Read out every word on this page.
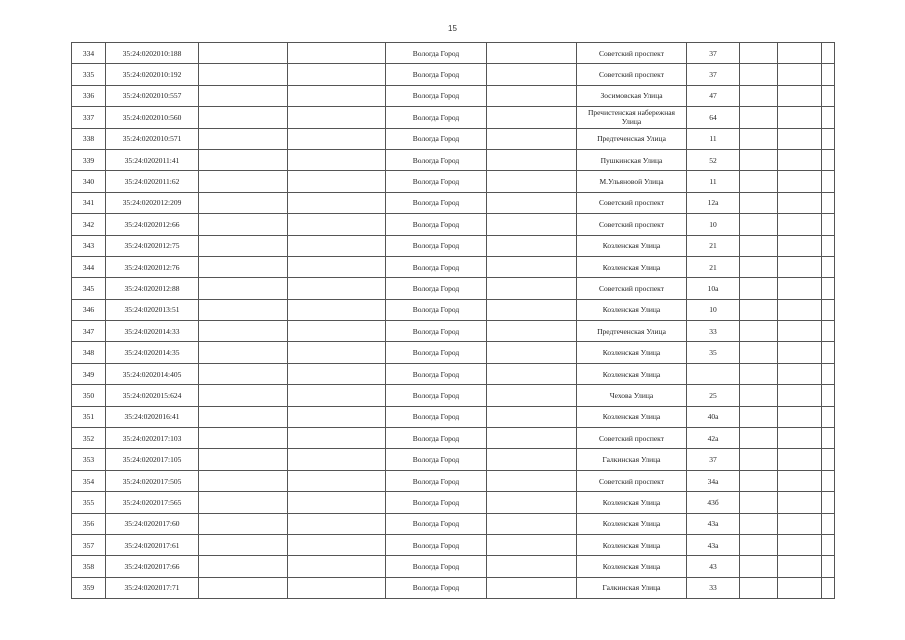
15
334	35:24:0202010:188			Вологда Город		Советский проспект	37			
335	35:24:0202010:192			Вологда Город		Советский проспект	37			
336	35:24:0202010:557			Вологда Город		Зосимовская Улица	47			
337	35:24:0202010:560			Вологда Город		Пречистенская набережная Улица	64			
338	35:24:0202010:571			Вологда Город		Предтеченская Улица	11			
339	35:24:0202011:41			Вологда Город		Пушкинская Улица	52			
340	35:24:0202011:62			Вологда Город		М.Ульяновой Улица	11			
341	35:24:0202012:209			Вологда Город		Советский проспект	12а			
342	35:24:0202012:66			Вологда Город		Советский проспект	10			
343	35:24:0202012:75			Вологда Город		Козленская Улица	21			
344	35:24:0202012:76			Вологда Город		Козленская Улица	21			
345	35:24:0202012:88			Вологда Город		Советский проспект	10а			
346	35:24:0202013:51			Вологда Город		Козленская Улица	10			
347	35:24:0202014:33			Вологда Город		Предтеченская Улица	33			
348	35:24:0202014:35			Вологда Город		Козленская Улица	35			
349	35:24:0202014:405			Вологда Город		Козленская Улица				
350	35:24:0202015:624			Вологда Город		Чехова Улица	25			
351	35:24:0202016:41			Вологда Город		Козленская Улица	40а			
352	35:24:0202017:103			Вологда Город		Советский проспект	42а			
353	35:24:0202017:105			Вологда Город		Галкинская Улица	37			
354	35:24:0202017:505			Вологда Город		Советский проспект	34а			
355	35:24:0202017:565			Вологда Город		Козленская Улица	43б			
356	35:24:0202017:60			Вологда Город		Козленская Улица	43а			
357	35:24:0202017:61			Вологда Город		Козленская Улица	43а			
358	35:24:0202017:66			Вологда Город		Козленская Улица	43			
359	35:24:0202017:71			Вологда Город		Галкинская Улица	33			
